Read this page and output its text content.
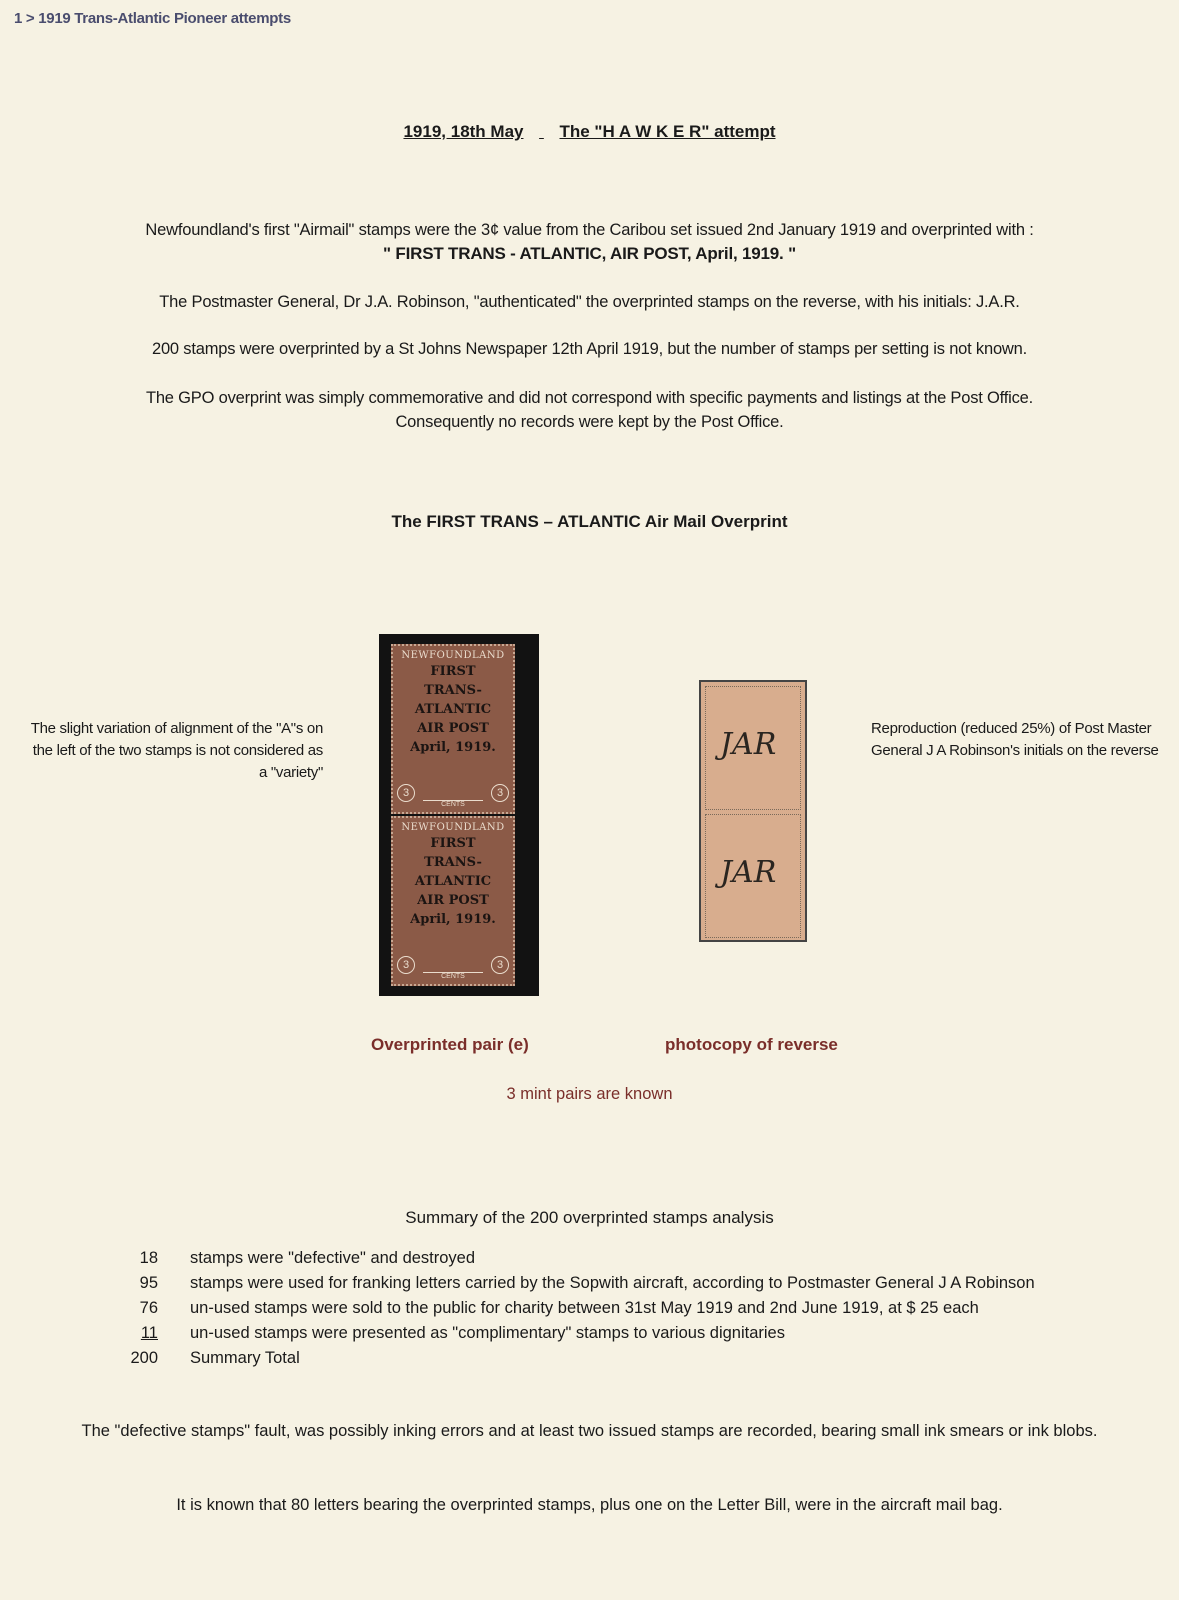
1 > 1919 Trans-Atlantic Pioneer attempts
1919, 18th May The "H A W K E R" attempt
Newfoundland's first "Airmail" stamps were the 3¢ value from the Caribou set issued 2nd January 1919 and overprinted with :
" FIRST TRANS - ATLANTIC, AIR POST, April, 1919. "
The Postmaster General, Dr J.A. Robinson, "authenticated" the overprinted stamps on the reverse, with his initials: J.A.R.
200 stamps were overprinted by a St Johns Newspaper 12th April 1919, but the number of stamps per setting is not known.
The GPO overprint was simply commemorative and did not correspond with specific payments and listings at the Post Office.
Consequently no records were kept by the Post Office.
The FIRST TRANS – ATLANTIC Air Mail Overprint
The slight variation of alignment of the "A"s on the left of the two stamps is not considered as a "variety"
NEWFOUNDLAND
FIRST
TRANS-
ATLANTIC
AIR POST
April, 1919.
3
CENTS
3
NEWFOUNDLAND
FIRST
TRANS-
ATLANTIC
AIR POST
April, 1919.
3
CENTS
3
JAR
JAR
Reproduction (reduced 25%) of Post Master General J A Robinson's initials on the reverse
Overprinted pair (e)	photocopy of reverse
3 mint pairs are known
Summary of the 200 overprinted stamps analysis
18 stamps were "defective" and destroyed
95 stamps were used for franking letters carried by the Sopwith aircraft, according to Postmaster General J A Robinson
76 un-used stamps were sold to the public for charity between 31st May 1919 and 2nd June 1919, at $ 25 each
11 un-used stamps were presented as "complimentary" stamps to various dignitaries
200 Summary Total
The "defective stamps" fault, was possibly inking errors and at least two issued stamps are recorded, bearing small ink smears or ink blobs.
It is known that 80 letters bearing the overprinted stamps, plus one on the Letter Bill, were in the aircraft mail bag.
